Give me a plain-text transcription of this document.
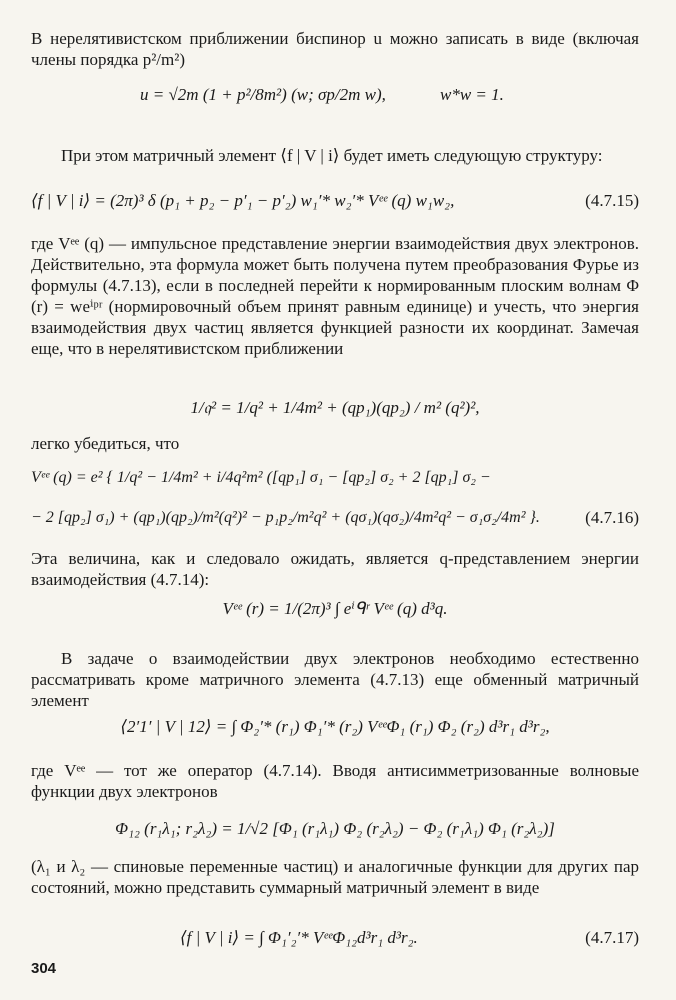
В нерелятивистском приближении биспинор u можно записать в виде (включая члены порядка p²/m²)

u = √2m (1 + p²/8m²) (w; σp/2m w),	w*w = 1.

При этом матричный элемент ⟨f | V | i⟩ будет иметь следующую структуру:

⟨f | V | i⟩ = (2π)³ δ (p₁ + p₂ − p′₁ − p′₂) w₁′* w₂′* Vᵉᵉ (q) w₁w₂,	(4.7.15)

где Vᵉᵉ (q) — импульсное представление энергии взаимодействия двух электронов. Действительно, эта формула может быть получена путем преобразования Фурье из формулы (4.7.13), если в последней перейти к нормированным плоским волнам Φ (r) = weⁱᵖʳ (нормировочный объем принят равным единице) и учесть, что энергия взаимодействия двух частиц является функцией разности их координат. Замечая еще, что в нерелятивистском приближении

1/𝔮² = 1/q² + 1/4m² + (qp₁)(qp₂) / m² (q²)²,

легко убедиться, что

Vᵉᵉ (q) = e² { 1/q² − 1/4m² + i/4q²m² ([qp₁] σ₁ − [qp₂] σ₂ + 2 [qp₁] σ₂ −
− 2 [qp₂] σ₁) + (qp₁)(qp₂)/m²(q²)² − p₁p₂/m²q² + (qσ₁)(qσ₂)/4m²q² − σ₁σ₂/4m² }.	(4.7.16)

Эта величина, как и следовало ожидать, является q-представлением энергии взаимодействия (4.7.14):

Vᵉᵉ (r) = 1/(2π)³ ∫ eⁱᑫʳ Vᵉᵉ (q) d³q.

В задаче о взаимодействии двух электронов необходимо естественно рассматривать кроме матричного элемента (4.7.13) еще обменный матричный элемент

⟨2′1′ | V | 12⟩ = ∫ Φ₂′* (r₁) Φ₁′* (r₂) VᵉᵉΦ₁ (r₁) Φ₂ (r₂) d³r₁ d³r₂,

где Vᵉᵉ — тот же оператор (4.7.14). Вводя антисимметризованные волновые функции двух электронов

Φ₁₂ (r₁λ₁; r₂λ₂) = 1/√2 [Φ₁ (r₁λ₁) Φ₂ (r₂λ₂) − Φ₂ (r₁λ₁) Φ₁ (r₂λ₂)]

(λ₁ и λ₂ — спиновые переменные частиц) и аналогичные функции для других пар состояний, можно представить суммарный матричный элемент в виде

⟨f | V | i⟩ = ∫ Φ₁′₂′* VᵉᵉΦ₁₂d³r₁ d³r₂.	(4.7.17)
304
